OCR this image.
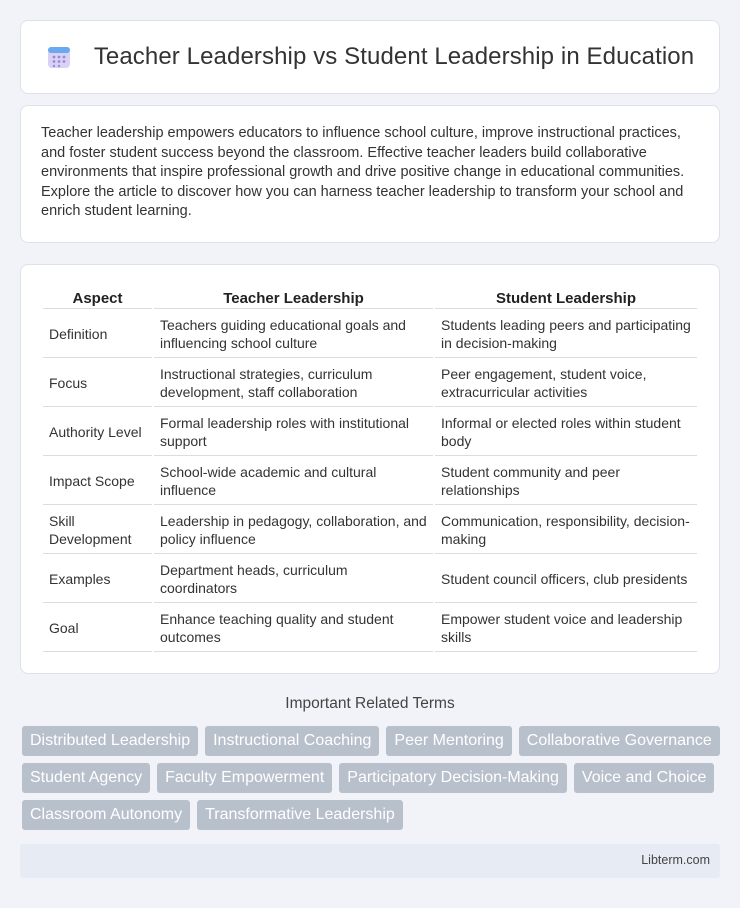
Teacher Leadership vs Student Leadership in Education

Teacher leadership empowers educators to influence school culture, improve instructional practices, and foster student success beyond the classroom. Effective teacher leaders build collaborative environments that inspire professional growth and drive positive change in educational communities. Explore the article to discover how you can harness teacher leadership to transform your school and enrich student learning.

Aspect	Teacher Leadership	Student Leadership
Definition	Teachers guiding educational goals and influencing school culture	Students leading peers and participating in decision-making
Focus	Instructional strategies, curriculum development, staff collaboration	Peer engagement, student voice, extracurricular activities
Authority Level	Formal leadership roles with institutional support	Informal or elected roles within student body
Impact Scope	School-wide academic and cultural influence	Student community and peer relationships
Skill Development	Leadership in pedagogy, collaboration, and policy influence	Communication, responsibility, decision-making
Examples	Department heads, curriculum coordinators	Student council officers, club presidents
Goal	Enhance teaching quality and student outcomes	Empower student voice and leadership skills
Important Related Terms
Distributed Leadership	Instructional Coaching	Peer Mentoring	Collaborative Governance
Student Agency	Faculty Empowerment	Participatory Decision-Making	Voice and Choice
Classroom Autonomy	Transformative Leadership
Libterm.com
